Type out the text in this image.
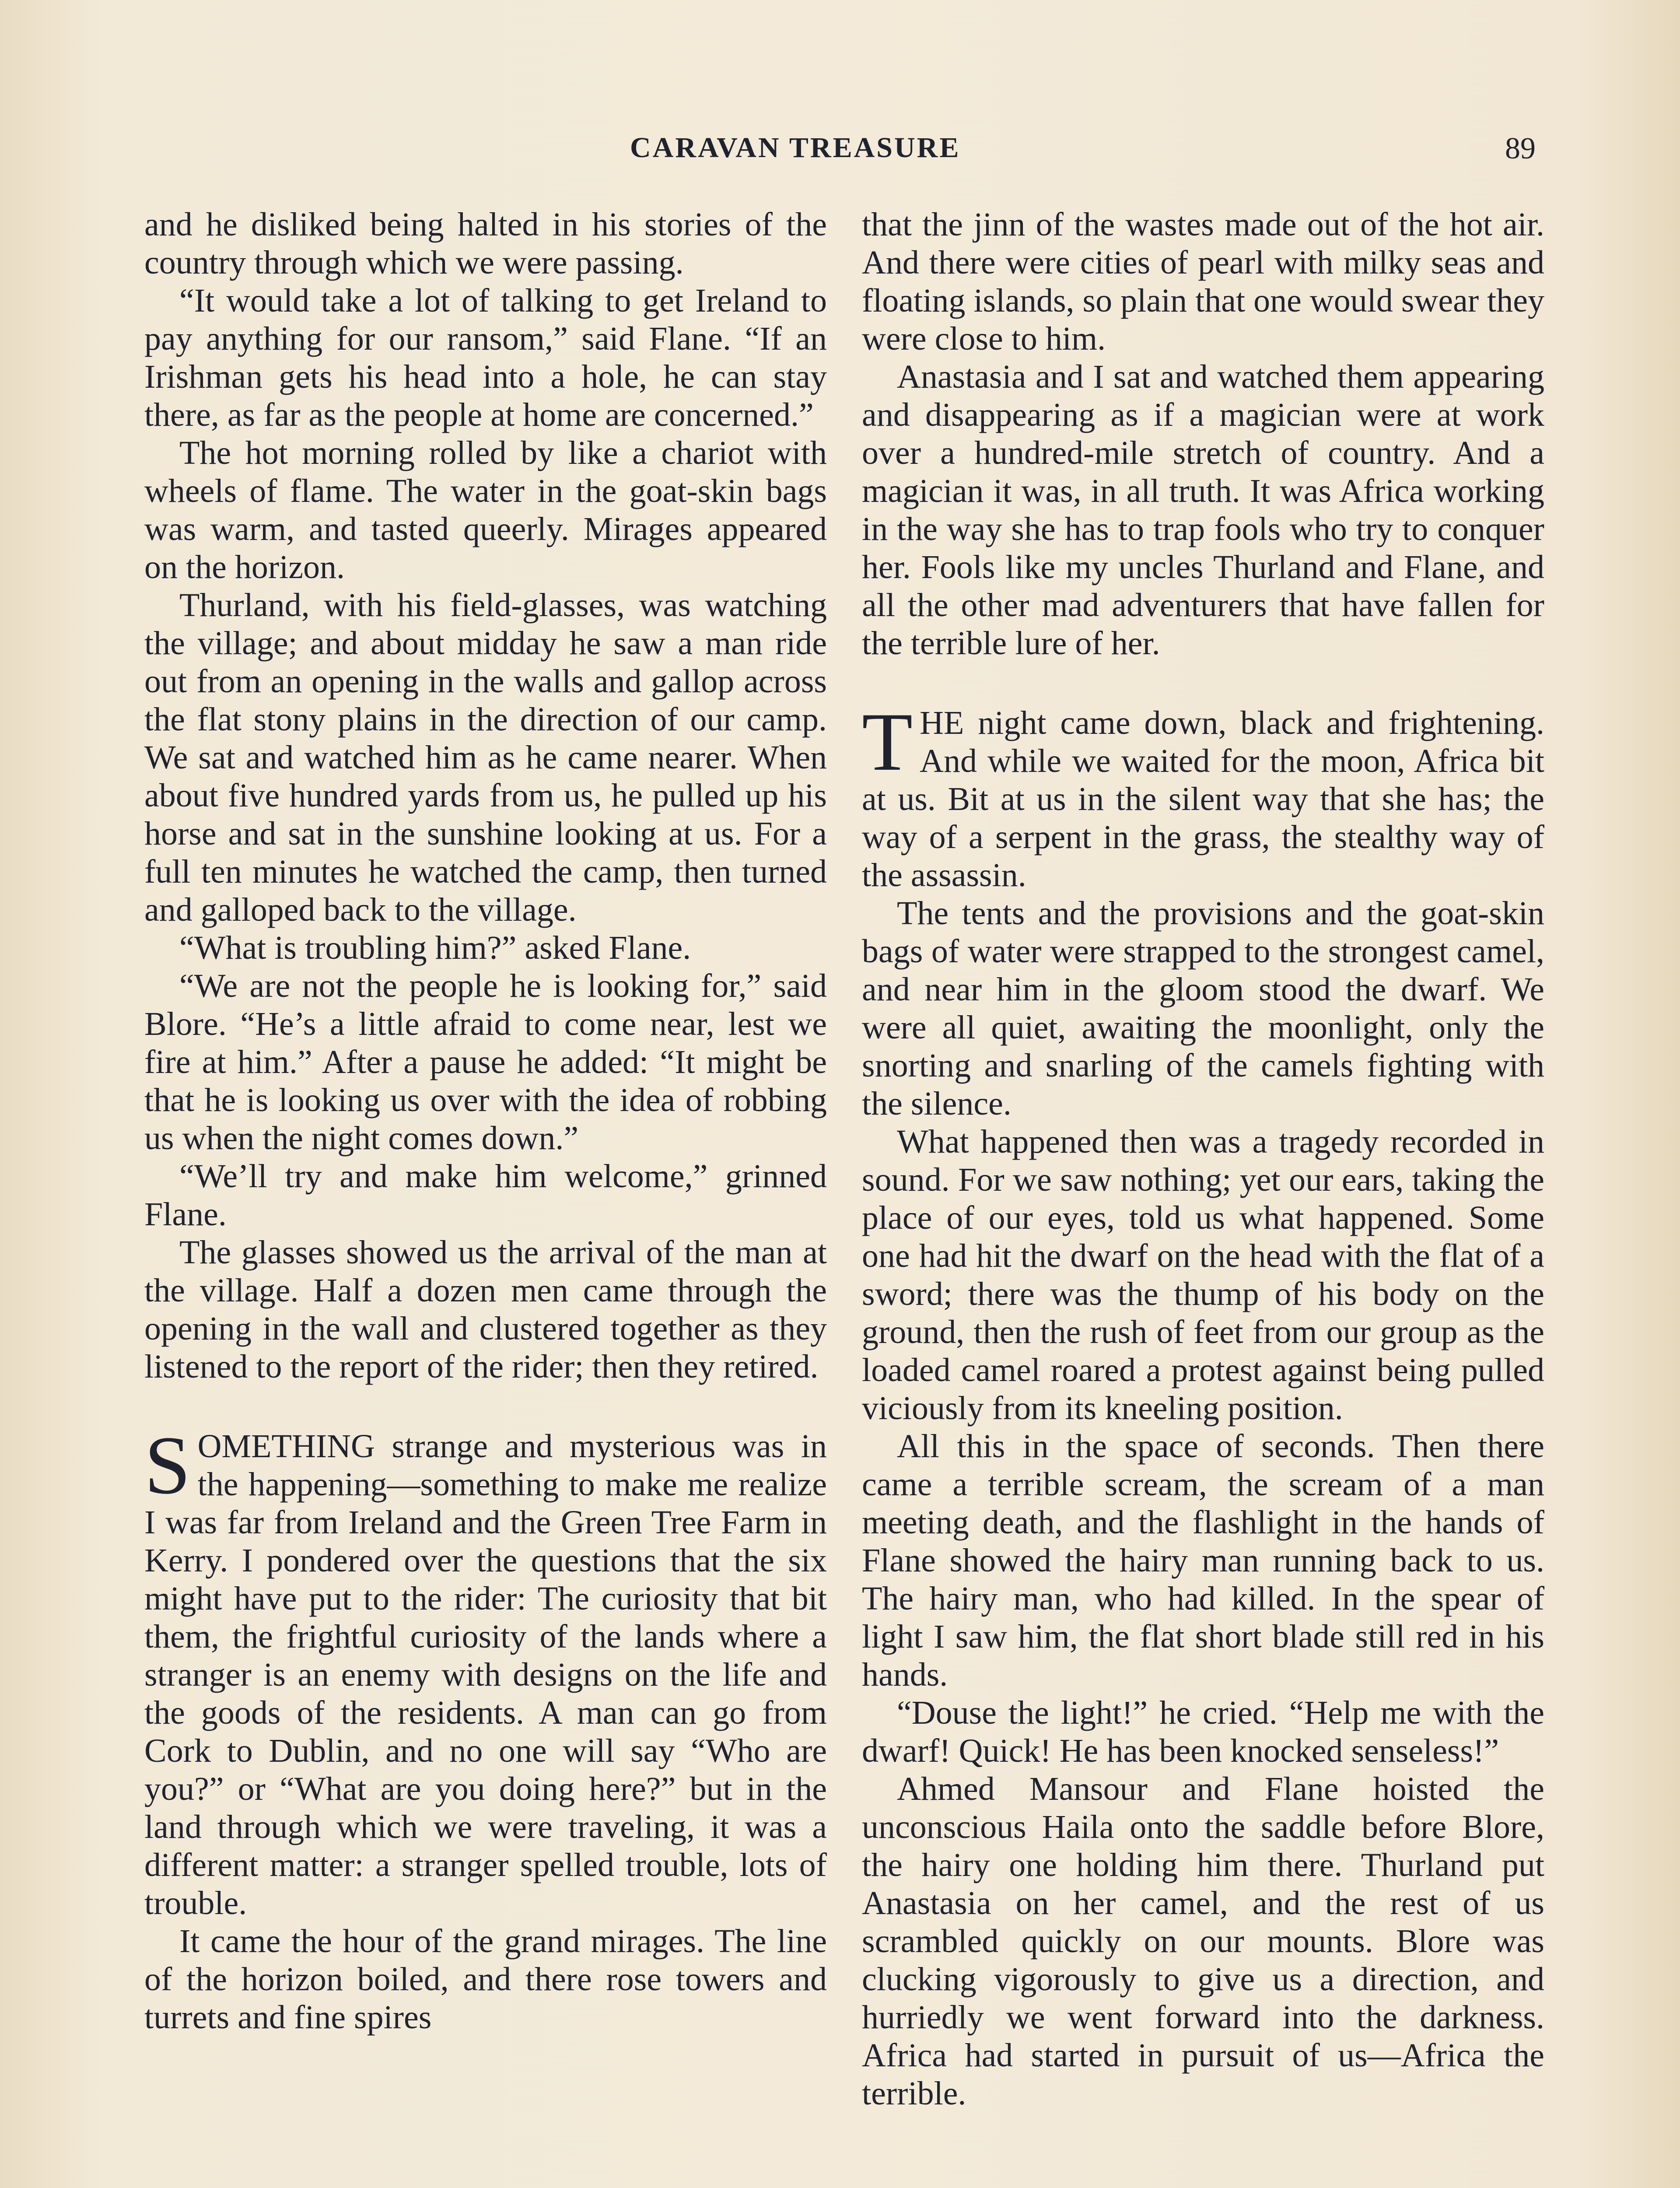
CARAVAN TREASURE	89

and he disliked being halted in his stories of the country through which we were passing.

“It would take a lot of talking to get Ireland to pay anything for our ransom,” said Flane. “If an Irishman gets his head into a hole, he can stay there, as far as the people at home are concerned.”

The hot morning rolled by like a chariot with wheels of flame. The water in the goat-skin bags was warm, and tasted queerly. Mirages appeared on the horizon.

Thurland, with his field-glasses, was watching the village; and about midday he saw a man ride out from an opening in the walls and gallop across the flat stony plains in the direction of our camp. We sat and watched him as he came nearer. When about five hundred yards from us, he pulled up his horse and sat in the sunshine looking at us. For a full ten minutes he watched the camp, then turned and galloped back to the village.

“What is troubling him?” asked Flane.

“We are not the people he is looking for,” said Blore. “He’s a little afraid to come near, lest we fire at him.” After a pause he added: “It might be that he is looking us over with the idea of robbing us when the night comes down.”

“We’ll try and make him welcome,” grinned Flane.

The glasses showed us the arrival of the man at the village. Half a dozen men came through the opening in the wall and clustered together as they listened to the report of the rider; then they retired.

SOMETHING strange and mysterious was in the happening—something to make me realize I was far from Ireland and the Green Tree Farm in Kerry. I pondered over the questions that the six might have put to the rider: The curiosity that bit them, the frightful curiosity of the lands where a stranger is an enemy with designs on the life and the goods of the residents. A man can go from Cork to Dublin, and no one will say “Who are you?” or “What are you doing here?” but in the land through which we were traveling, it was a different matter: a stranger spelled trouble, lots of trouble.

It came the hour of the grand mirages. The line of the horizon boiled, and there rose towers and turrets and fine spires

that the jinn of the wastes made out of the hot air. And there were cities of pearl with milky seas and floating islands, so plain that one would swear they were close to him.

Anastasia and I sat and watched them appearing and disappearing as if a magician were at work over a hundred-mile stretch of country. And a magician it was, in all truth. It was Africa working in the way she has to trap fools who try to conquer her. Fools like my uncles Thurland and Flane, and all the other mad adventurers that have fallen for the terrible lure of her.

THE night came down, black and frightening. And while we waited for the moon, Africa bit at us. Bit at us in the silent way that she has; the way of a serpent in the grass, the stealthy way of the assassin.

The tents and the provisions and the goat-skin bags of water were strapped to the strongest camel, and near him in the gloom stood the dwarf. We were all quiet, awaiting the moonlight, only the snorting and snarling of the camels fighting with the silence.

What happened then was a tragedy recorded in sound. For we saw nothing; yet our ears, taking the place of our eyes, told us what happened. Some one had hit the dwarf on the head with the flat of a sword; there was the thump of his body on the ground, then the rush of feet from our group as the loaded camel roared a protest against being pulled viciously from its kneeling position.

All this in the space of seconds. Then there came a terrible scream, the scream of a man meeting death, and the flashlight in the hands of Flane showed the hairy man running back to us. The hairy man, who had killed. In the spear of light I saw him, the flat short blade still red in his hands.

“Douse the light!” he cried. “Help me with the dwarf! Quick! He has been knocked senseless!”

Ahmed Mansour and Flane hoisted the unconscious Haila onto the saddle before Blore, the hairy one holding him there. Thurland put Anastasia on her camel, and the rest of us scrambled quickly on our mounts. Blore was clucking vigorously to give us a direction, and hurriedly we went forward into the darkness. Africa had started in pursuit of us—Africa the terrible.
